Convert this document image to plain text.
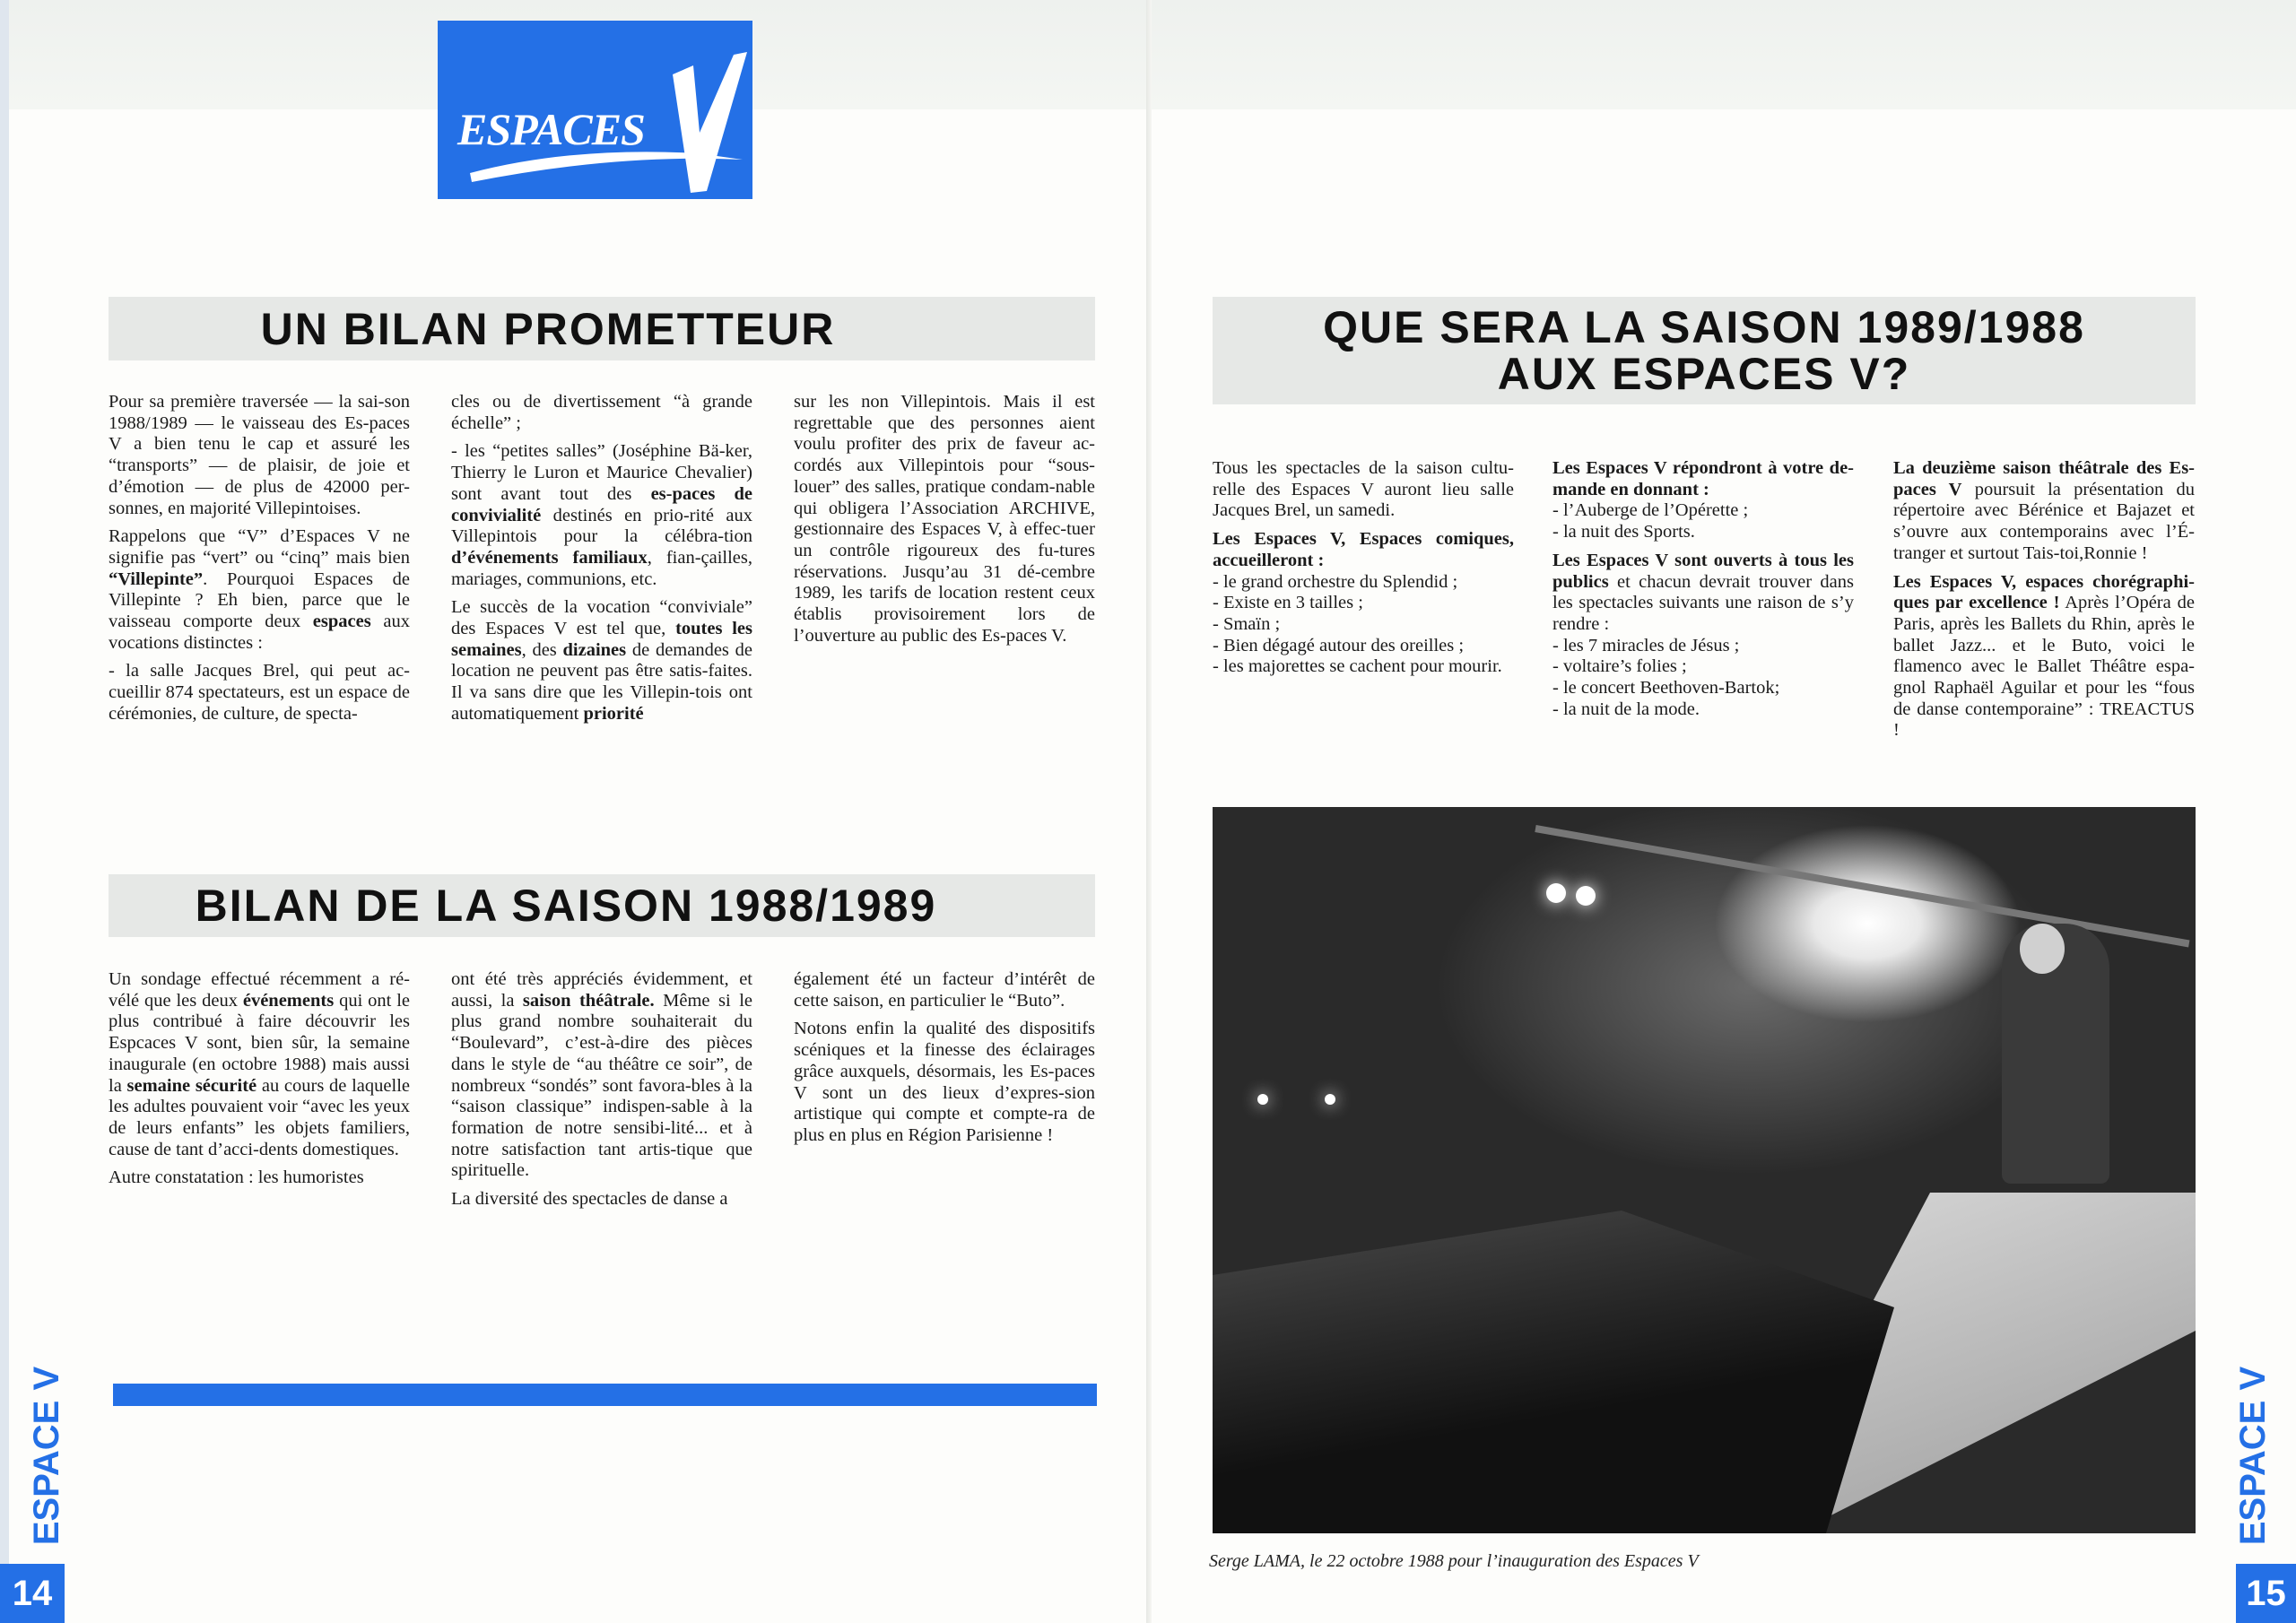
ESPACES
UN BILAN PROMETTEUR

Pour sa première traversée — la sai-son 1988/1989 — le vaisseau des Es-paces V a bien tenu le cap et assuré les “transports” — de plaisir, de joie et d’émotion — de plus de 42000 per-sonnes, en majorité Villepintoises.

Rappelons que “V” d’Espaces V ne signifie pas “vert” ou “cinq” mais bien “Villepinte”. Pourquoi Espaces de Villepinte ? Eh bien, parce que le vaisseau comporte deux espaces aux vocations distinctes :

- la salle Jacques Brel, qui peut ac-cueillir 874 spectateurs, est un espace de cérémonies, de culture, de specta-

cles ou de divertissement “à grande échelle” ;

- les “petites salles” (Joséphine Bä-ker, Thierry le Luron et Maurice Chevalier) sont avant tout des es-paces de convivialité destinés en prio-rité aux Villepintois pour la célébra-tion d’événements familiaux, fian-çailles, mariages, communions, etc.

Le succès de la vocation “conviviale” des Espaces V est tel que, toutes les semaines, des dizaines de demandes de location ne peuvent pas être satis-faites. Il va sans dire que les Villepin-tois ont automatiquement priorité

sur les non Villepintois. Mais il est regrettable que des personnes aient voulu profiter des prix de faveur ac-cordés aux Villepintois pour “sous-louer” des salles, pratique condam-nable qui obligera l’Association ARCHIVE, gestionnaire des Espaces V, à effec-tuer un contrôle rigoureux des fu-tures réservations. Jusqu’au 31 dé-cembre 1989, les tarifs de location restent ceux établis provisoirement lors de l’ouverture au public des Es-paces V.

BILAN DE LA SAISON 1988/1989

Un sondage effectué récemment a ré-vélé que les deux événements qui ont le plus contribué à faire découvrir les Espcaces V sont, bien sûr, la semaine inaugurale (en octobre 1988) mais aussi la semaine sécurité au cours de laquelle les adultes pouvaient voir “avec les yeux de leurs enfants” les objets familiers, cause de tant d’acci-dents domestiques.

Autre constatation : les humoristes

ont été très appréciés évidemment, et aussi, la saison théâtrale. Même si le plus grand nombre souhaiterait du “Boulevard”, c’est-à-dire des pièces dans le style de “au théâtre ce soir”, de nombreux “sondés” sont favora-bles à la “saison classique” indispen-sable à la formation de notre sensibi-lité... et à notre satisfaction tant artis-tique que spirituelle.

La diversité des spectacles de danse a

également été un facteur d’intérêt de cette saison, en particulier le “Buto”.

Notons enfin la qualité des dispositifs scéniques et la finesse des éclairages grâce auxquels, désormais, les Es-paces V sont un des lieux d’expres-sion artistique qui compte et compte-ra de plus en plus en Région Parisienne !

ESPACE V
14
QUE SERA LA SAISON 1989/1988
AUX ESPACES V?

Tous les spectacles de la saison cultu-relle des Espaces V auront lieu salle Jacques Brel, un samedi.

Les Espaces V, Espaces comiques, accueilleront :

- le grand orchestre du Splendid ;

- Existe en 3 tailles ;

- Smaïn ;

- Bien dégagé autour des oreilles ;

- les majorettes se cachent pour mourir.

Les Espaces V répondront à votre de-mande en donnant :

- l’Auberge de l’Opérette ;

- la nuit des Sports.

Les Espaces V sont ouverts à tous les publics et chacun devrait trouver dans les spectacles suivants une raison de s’y rendre :

- les 7 miracles de Jésus ;

- voltaire’s folies ;

- le concert Beethoven-Bartok;

- la nuit de la mode.

La deuzième saison théâtrale des Es-paces V poursuit la présentation du répertoire avec Bérénice et Bajazet et s’ouvre aux contemporains avec l’É-tranger et surtout Tais-toi,Ronnie !

Les Espaces V, espaces chorégraphi-ques par excellence ! Après l’Opéra de Paris, après les Ballets du Rhin, après le ballet Jazz... et le Buto, voici le flamenco avec le Ballet Théâtre espa-gnol Raphaël Aguilar et pour les “fous de danse contemporaine” : TREACTUS !

Serge LAMA, le 22 octobre 1988 pour l’inauguration des Espaces V
ESPACE V
15
